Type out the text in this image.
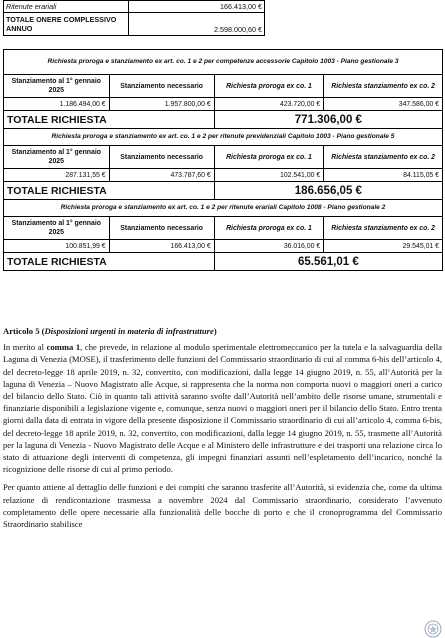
Ritenute erariali	166.413,00 €
TOTALE ONERE COMPLESSIVO ANNUO	2.598.000,60 €
Richiesta proroga e stanziamento ex art. co. 1 e 2 per competenze accessorie Capitolo 1003 - Piano gestionale 3
Stanziamento al 1° gennaio 2025	Stanziamento necessario	Richiesta proroga ex co. 1	Richiesta stanziamento ex co. 2
1.186.494,00 €	1.957.800,00 €	423.720,00 €	347.586,00 €
TOTALE RICHIESTA		771.306,00 €	
Richiesta proroga e stanziamento ex art. co. 1 e 2 per ritenute previdenziali Capitolo 1003 - Piano gestionale 5
Stanziamento al 1° gennaio 2025	Stanziamento necessario	Richiesta proroga ex co. 1	Richiesta stanziamento ex co. 2
287.131,55 €	473.787,60 €	102.541,00 €	84.115,05 €
TOTALE RICHIESTA		186.656,05 €	
Richiesta proroga e stanziamento ex art. co. 1 e 2 per ritenute erariali Capitolo 1008 - Piano gestionale 2
Stanziamento al 1° gennaio 2025	Stanziamento necessario	Richiesta proroga ex co. 1	Richiesta stanziamento ex co. 2
100.851,99 €	166.413,00 €	36.016,00 €	29.545,01 €
TOTALE RICHIESTA		65.561,01 €	

Articolo 5 (Disposizioni urgenti in materia di infrastrutture)

In merito al comma 1, che prevede, in relazione al modulo sperimentale elettromeccanico per la tutela e la salvaguardia della Laguna di Venezia (MOSE), il trasferimento delle funzioni del Commissario straordinario di cui al comma 6-bis dell’articolo 4, del decreto-legge 18 aprile 2019, n. 32, convertito, con modificazioni, dalla legge 14 giugno 2019, n. 55, all’Autorità per la laguna di Venezia – Nuovo Magistrato alle Acque, si rappresenta che la norma non comporta nuovi o maggiori oneri a carico del bilancio dello Stato. Ciò in quanto tali attività saranno svolte dall’Autorità nell’ambito delle risorse umane, strumentali e finanziarie disponibili a legislazione vigente e, comunque, senza nuovi o maggiori oneri per il bilancio dello Stato. Entro trenta giorni dalla data di entrata in vigore della presente disposizione il Commissario straordinario di cui all’articolo 4, comma 6-bis, del decreto-legge 18 aprile 2019, n. 32, convertito, con modificazioni, dalla legge 14 giugno 2019, n. 55, trasmette all’Autorità per la laguna di Venezia - Nuovo Magistrato delle Acque e al Ministero delle infrastrutture e dei trasporti una relazione circa lo stato di attuazione degli interventi di competenza, gli impegni finanziari assunti nell’espletamento dell’incarico, nonché la ricognizione delle risorse di cui al primo periodo.

Per quanto attiene al dettaglio delle funzioni e dei compiti che saranno trasferite all’Autorità, si evidenzia che, come da ultima relazione di rendicontazione trasmessa a novembre 2024 dal Commissario straordinario, considerato l’avvenuto completamento delle opere necessarie alla funzionalità delle bocche di porto e che il cronoprogramma del Commissario Straordinario stabilisce
